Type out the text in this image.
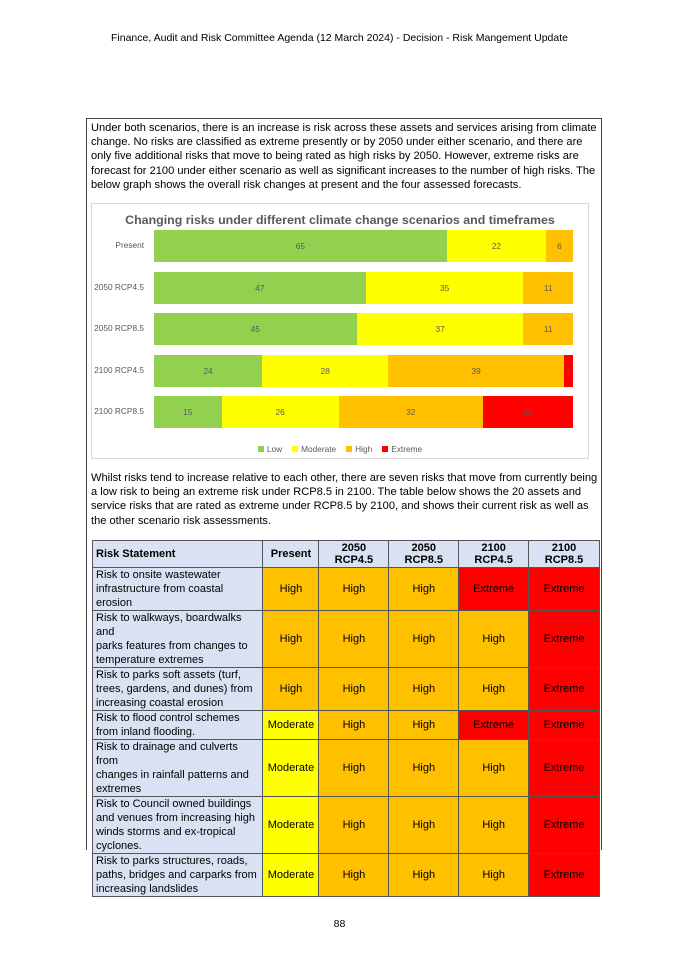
Finance, Audit and Risk Committee Agenda (12 March 2024) - Decision - Risk Mangement Update

Under both scenarios, there is an increase is risk across these assets and services arising from climate change. No risks are classified as extreme presently or by 2050 under either scenario, and there are only five additional risks that move to being rated as high risks by 2050. However, extreme risks are forecast for 2100 under either scenario as well as significant increases to the number of high risks. The below graph shows the overall risk changes at present and the four assessed forecasts.

Changing risks under different climate change scenarios and timeframes
Present	65	22	6
2050 RCP4.5	47	35	11
2050 RCP8.5	45	37	11
2100 RCP4.5	24	28	39	2
2100 RCP8.5	15	26	32	20
Low Moderate High Extreme

Whilst risks tend to increase relative to each other, there are seven risks that move from currently being a low risk to being an extreme risk under RCP8.5 in 2100. The table below shows the 20 assets and service risks that are rated as extreme under RCP8.5 by 2100, and shows their current risk as well as the other scenario risk assessments.

Risk Statement	Present	2050 RCP4.5	2050 RCP8.5	2100 RCP4.5	2100 RCP8.5
Risk to onsite wastewater
infrastructure from coastal
erosion	High	High	High	Extreme	Extreme
Risk to walkways, boardwalks and
parks features from changes to
temperature extremes	High	High	High	High	Extreme
Risk to parks soft assets (turf,
trees, gardens, and dunes) from
increasing coastal erosion	High	High	High	High	Extreme
Risk to flood control schemes
from inland flooding.	Moderate	High	High	Extreme	Extreme
Risk to drainage and culverts from
changes in rainfall patterns and
extremes	Moderate	High	High	High	Extreme
Risk to Council owned buildings
and venues from increasing high
winds storms and ex-tropical
cyclones.	Moderate	High	High	High	Extreme
Risk to parks structures, roads,
paths, bridges and carparks from
increasing landslides	Moderate	High	High	High	Extreme
88
